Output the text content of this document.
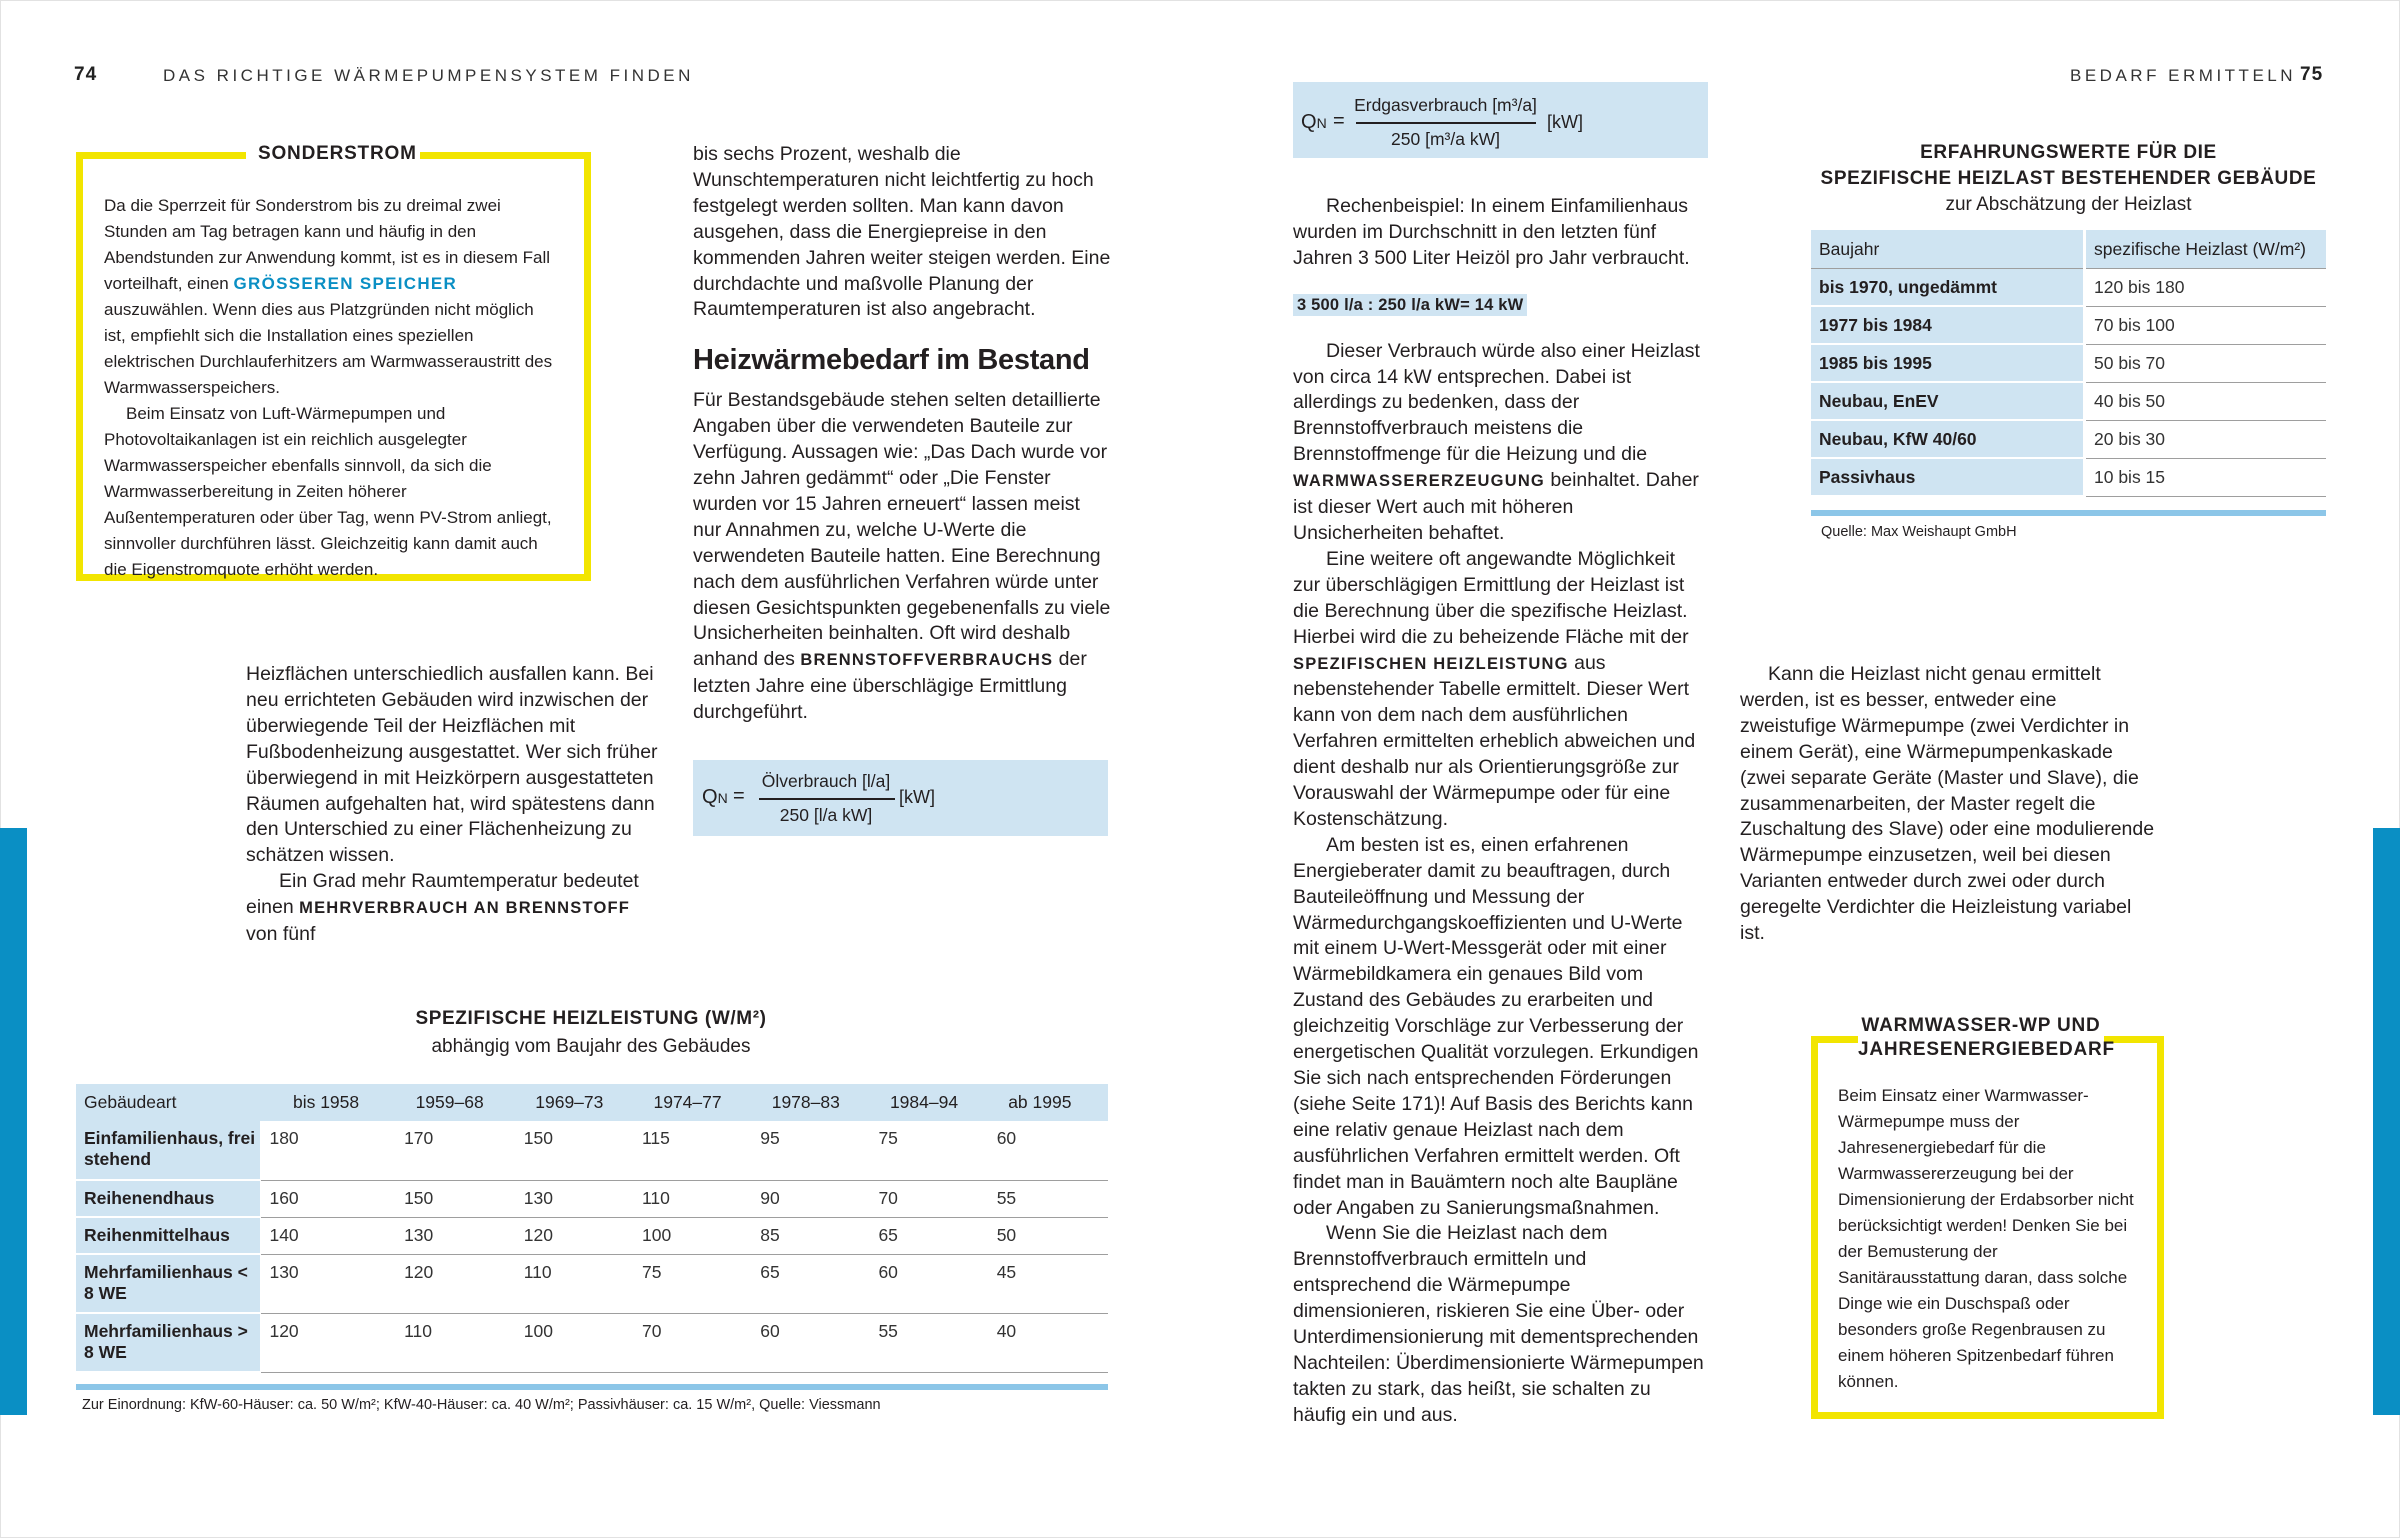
74	DAS RICHTIGE WÄRMEPUMPENSYSTEM FINDEN	BEDARF ERMITTELN 75
SONDERSTROM

Da die Sperrzeit für Sonderstrom bis zu dreimal zwei Stunden am Tag betragen kann und häufig in den Abendstunden zur Anwendung kommt, ist es in diesem Fall vorteilhaft, einen GRÖSSEREN SPEICHER auszuwählen. Wenn dies aus Platzgründen nicht möglich ist, empfiehlt sich die Installation eines speziellen elektrischen Durchlauferhitzers am Warmwasseraustritt des Warmwasserspeichers.

Beim Einsatz von Luft-Wärmepumpen und Photovoltaikanlagen ist ein reichlich ausgelegter Warmwasserspeicher ebenfalls sinnvoll, da sich die Warmwasserbereitung in Zeiten höherer Außentemperaturen oder über Tag, wenn PV-Strom anliegt, sinnvoller durchführen lässt. Gleichzeitig kann damit auch die Eigenstromquote erhöht werden.

Heizflächen unterschiedlich ausfallen kann. Bei neu errichteten Gebäuden wird inzwischen der überwiegende Teil der Heizflächen mit Fußbodenheizung ausgestattet. Wer sich früher überwiegend in mit Heizkörpern ausgestatteten Räumen aufgehalten hat, wird spätestens dann den Unterschied zu einer Flächenheizung zu schätzen wissen.

Ein Grad mehr Raumtemperatur bedeutet einen MEHRVERBRAUCH AN BRENNSTOFF von fünf

bis sechs Prozent, weshalb die Wunschtemperaturen nicht leichtfertig zu hoch festgelegt werden sollten. Man kann davon ausgehen, dass die Energiepreise in den kommenden Jahren weiter steigen werden. Eine durchdachte und maßvolle Planung der Raumtemperaturen ist also angebracht.

Heizwärmebedarf im Bestand

Für Bestandsgebäude stehen selten detaillierte Angaben über die verwendeten Bauteile zur Verfügung. Aussagen wie: „Das Dach wurde vor zehn Jahren gedämmt“ oder „Die Fenster wurden vor 15 Jahren erneuert“ lassen meist nur Annahmen zu, welche U-Werte die verwendeten Bauteile hatten. Eine Berechnung nach dem ausführlichen Verfahren würde unter diesen Gesichtspunkten gegebenenfalls zu viele Unsicherheiten beinhalten. Oft wird deshalb anhand des BRENNSTOFFVERBRAUCHS der letzten Jahre eine überschlägige Ermittlung durchgeführt.

QN =
Ölverbrauch [l/a]
250 [l/a kW]
[kW]
QN =
Erdgasverbrauch [m³/a]
250 [m³/a kW]
[kW]

Rechenbeispiel: In einem Einfamilienhaus wurden im Durchschnitt in den letzten fünf Jahren 3 500 Liter Heizöl pro Jahr verbraucht.

3 500 l/a : 250 l/a kW= 14 kW

Dieser Verbrauch würde also einer Heizlast von circa 14 kW entsprechen. Dabei ist allerdings zu bedenken, dass der Brennstoffverbrauch meistens die Brennstoffmenge für die Heizung und die WARMWASSERERZEUGUNG beinhaltet. Daher ist dieser Wert auch mit höheren Unsicherheiten behaftet.

Eine weitere oft angewandte Möglichkeit zur überschlägigen Ermittlung der Heizlast ist die Berechnung über die spezifische Heizlast. Hierbei wird die zu beheizende Fläche mit der SPEZIFISCHEN HEIZLEISTUNG aus nebenstehender Tabelle ermittelt. Dieser Wert kann von dem nach dem ausführlichen Verfahren ermittelten erheblich abweichen und dient deshalb nur als Orientierungsgröße zur Vorauswahl der Wärmepumpe oder für eine Kostenschätzung.

Am besten ist es, einen erfahrenen Energieberater damit zu beauftragen, durch Bauteileöffnung und Messung der Wärmedurchgangskoeffizienten und U-Werte mit einem U-Wert-Messgerät oder mit einer Wärmebildkamera ein genaues Bild vom Zustand des Gebäudes zu erarbeiten und gleichzeitig Vorschläge zur Verbesserung der energetischen Qualität vorzulegen. Erkundigen Sie sich nach entsprechenden Förderungen (siehe Seite 171)! Auf Basis des Berichts kann eine relativ genaue Heizlast nach dem ausführlichen Verfahren ermittelt werden. Oft findet man in Bauämtern noch alte Baupläne oder Angaben zu Sanierungsmaßnahmen.

Wenn Sie die Heizlast nach dem Brennstoffverbrauch ermitteln und entsprechend die Wärmepumpe dimensionieren, riskieren Sie eine Über- oder Unterdimensionierung mit dementsprechenden Nachteilen: Überdimensionierte Wärmepumpen takten zu stark, das heißt, sie schalten zu häufig ein und aus.

ERFAHRUNGSWERTE FÜR DIE
SPEZIFISCHE HEIZLAST BESTEHENDER GEBÄUDE
zur Abschätzung der Heizlast
Baujahr	spezifische Heizlast (W/m²)
bis 1970, ungedämmt	120 bis 180
1977 bis 1984	70 bis 100
1985 bis 1995	50 bis 70
Neubau, EnEV	40 bis 50
Neubau, KfW 40/60	20 bis 30
Passivhaus	10 bis 15
Quelle: Max Weishaupt GmbH

Kann die Heizlast nicht genau ermittelt werden, ist es besser, entweder eine zweistufige Wärmepumpe (zwei Verdichter in einem Gerät), eine Wärmepumpenkaskade (zwei separate Geräte (Master und Slave), die zusammenarbeiten, der Master regelt die Zuschaltung des Slave) oder eine modulierende Wärmepumpe einzusetzen, weil bei diesen Varianten entweder durch zwei oder durch geregelte Verdichter die Heizleistung variabel ist.

WARMWASSER-WP UND
JAHRESENERGIEBEDARF
Beim Einsatz einer Warmwasser-Wärmepumpe muss der Jahresenergiebedarf für die Warmwassererzeugung bei der Dimensionierung der Erdabsorber nicht berücksichtigt werden! Denken Sie bei der Bemusterung der Sanitärausstattung daran, dass solche Dinge wie ein Duschspaß oder besonders große Regenbrausen zu einem höheren Spitzenbedarf führen können.
SPEZIFISCHE HEIZLEISTUNG (W/M²)
abhängig vom Baujahr des Gebäudes
Gebäudeart	bis 1958	1959–68	1969–73	1974–77	1978–83	1984–94	ab 1995
Einfamilienhaus, frei stehend	180	170	150	115	95	75	60
Reihenendhaus	160	150	130	110	90	70	55
Reihenmittelhaus	140	130	120	100	85	65	50
Mehrfamilienhaus < 8 WE	130	120	110	75	65	60	45
Mehrfamilienhaus > 8 WE	120	110	100	70	60	55	40
Zur Einordnung: KfW-60-Häuser: ca. 50 W/m²; KfW-40-Häuser: ca. 40 W/m²; Passivhäuser: ca. 15 W/m², Quelle: Viessmann
